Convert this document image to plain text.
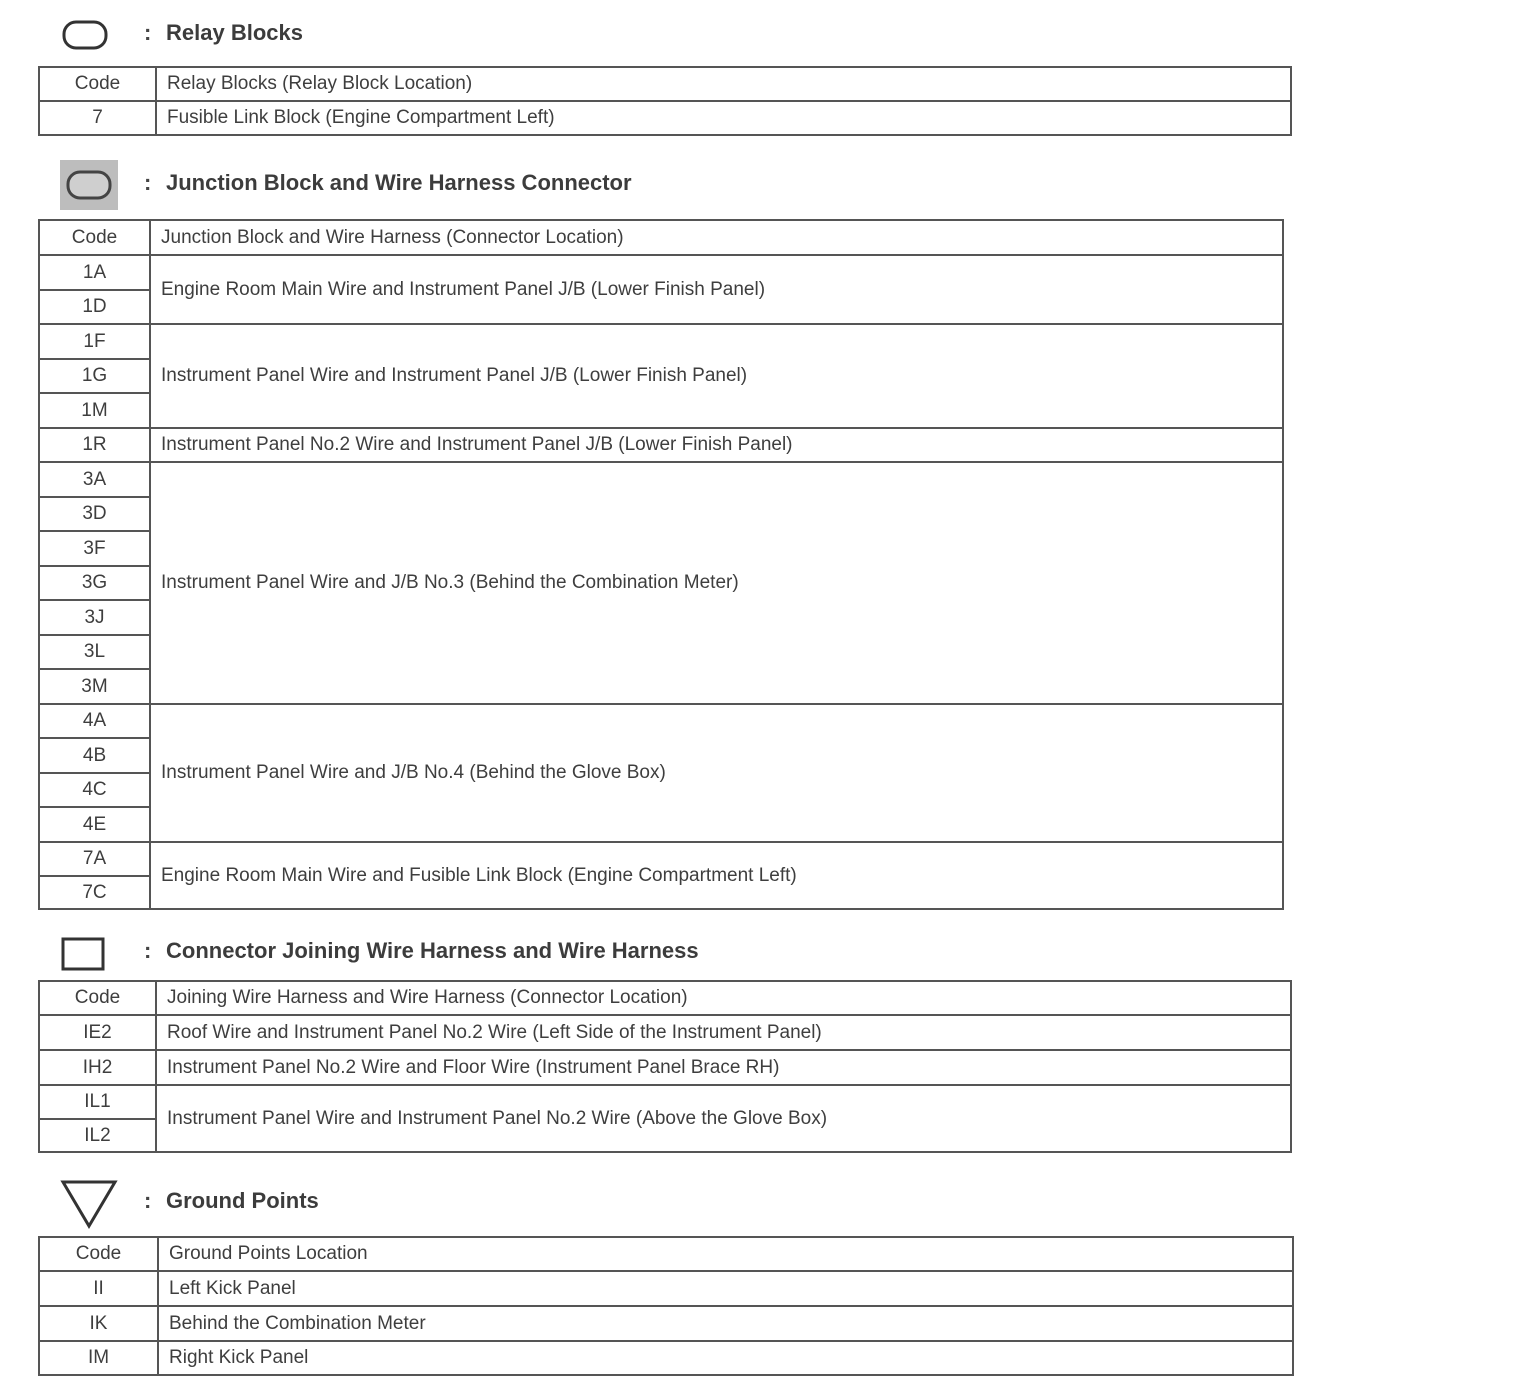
: Relay Blocks
Code	Relay Blocks (Relay Block Location)
7	Fusible Link Block (Engine Compartment Left)
: Junction Block and Wire Harness Connector
Code	Junction Block and Wire Harness (Connector Location)
1A	Engine Room Main Wire and Instrument Panel J/B (Lower Finish Panel)
1D	
1F	Instrument Panel Wire and Instrument Panel J/B (Lower Finish Panel)
1G	
1M	
1R	Instrument Panel No.2 Wire and Instrument Panel J/B (Lower Finish Panel)
3A	Instrument Panel Wire and J/B No.3 (Behind the Combination Meter)
3D	
3F	
3G	
3J	
3L	
3M	
4A	Instrument Panel Wire and J/B No.4 (Behind the Glove Box)
4B	
4C	
4E	
7A	Engine Room Main Wire and Fusible Link Block (Engine Compartment Left)
7C	
: Connector Joining Wire Harness and Wire Harness
Code	Joining Wire Harness and Wire Harness (Connector Location)
IE2	Roof Wire and Instrument Panel No.2 Wire (Left Side of the Instrument Panel)
IH2	Instrument Panel No.2 Wire and Floor Wire (Instrument Panel Brace RH)
IL1	Instrument Panel Wire and Instrument Panel No.2 Wire (Above the Glove Box)
IL2	
: Ground Points
Code	Ground Points Location
II	Left Kick Panel
IK	Behind the Combination Meter
IM	Right Kick Panel
